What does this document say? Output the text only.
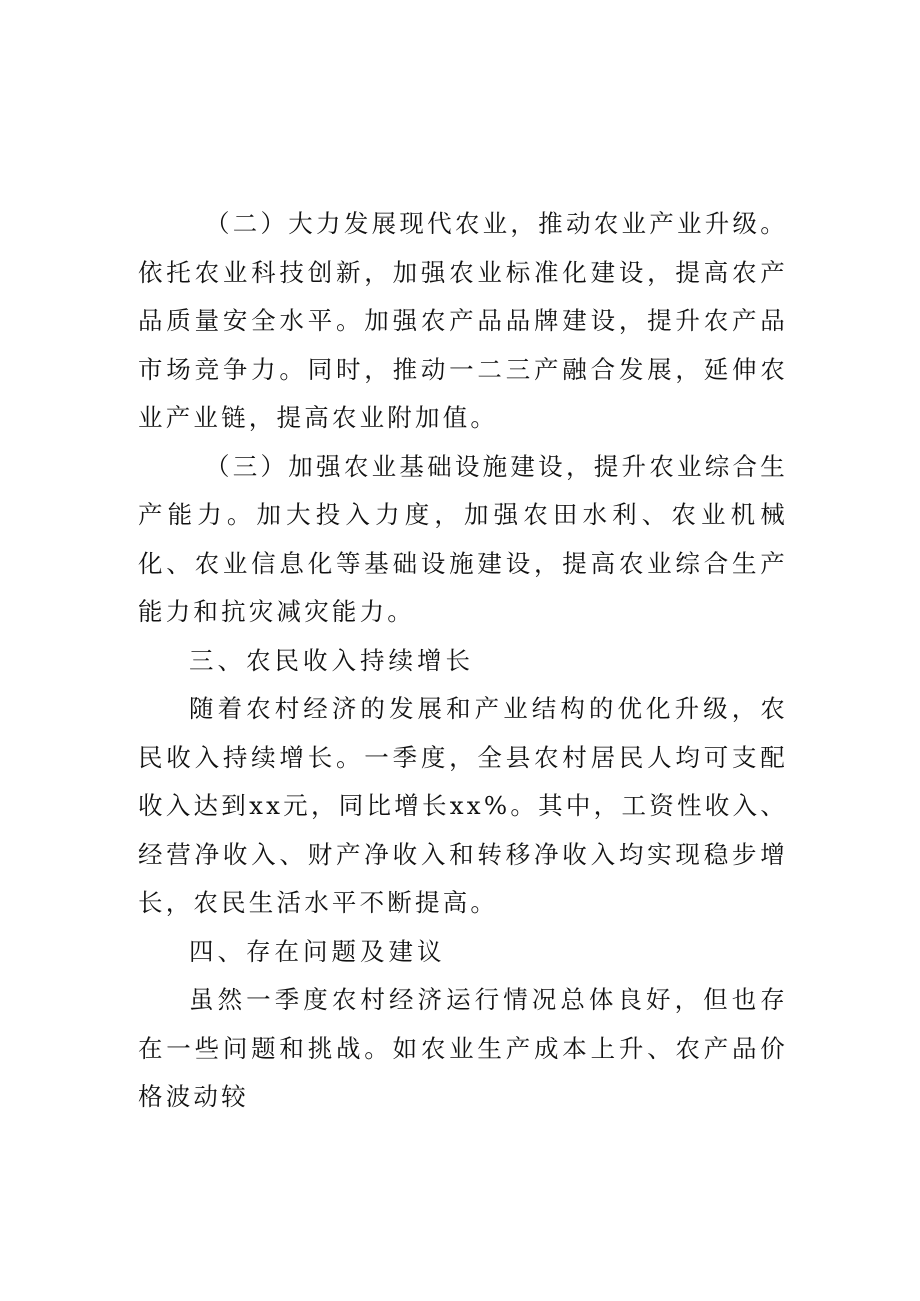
（二）大力发展现代农业，推动农业产业升级。依托农业科技创新，加强农业标准化建设，提高农产品质量安全水平。加强农产品品牌建设，提升农产品市场竞争力。同时，推动一二三产融合发展，延伸农业产业链，提高农业附加值。

（三）加强农业基础设施建设，提升农业综合生产能力。加大投入力度，加强农田水利、农业机械化、农业信息化等基础设施建设，提高农业综合生产能力和抗灾减灾能力。

三、农民收入持续增长

随着农村经济的发展和产业结构的优化升级，农民收入持续增长。一季度，全县农村居民人均可支配收入达到xx元，同比增长xx%。其中，工资性收入、经营净收入、财产净收入和转移净收入均实现稳步增长，农民生活水平不断提高。

四、存在问题及建议

虽然一季度农村经济运行情况总体良好，但也存在一些问题和挑战。如农业生产成本上升、农产品价格波动较
